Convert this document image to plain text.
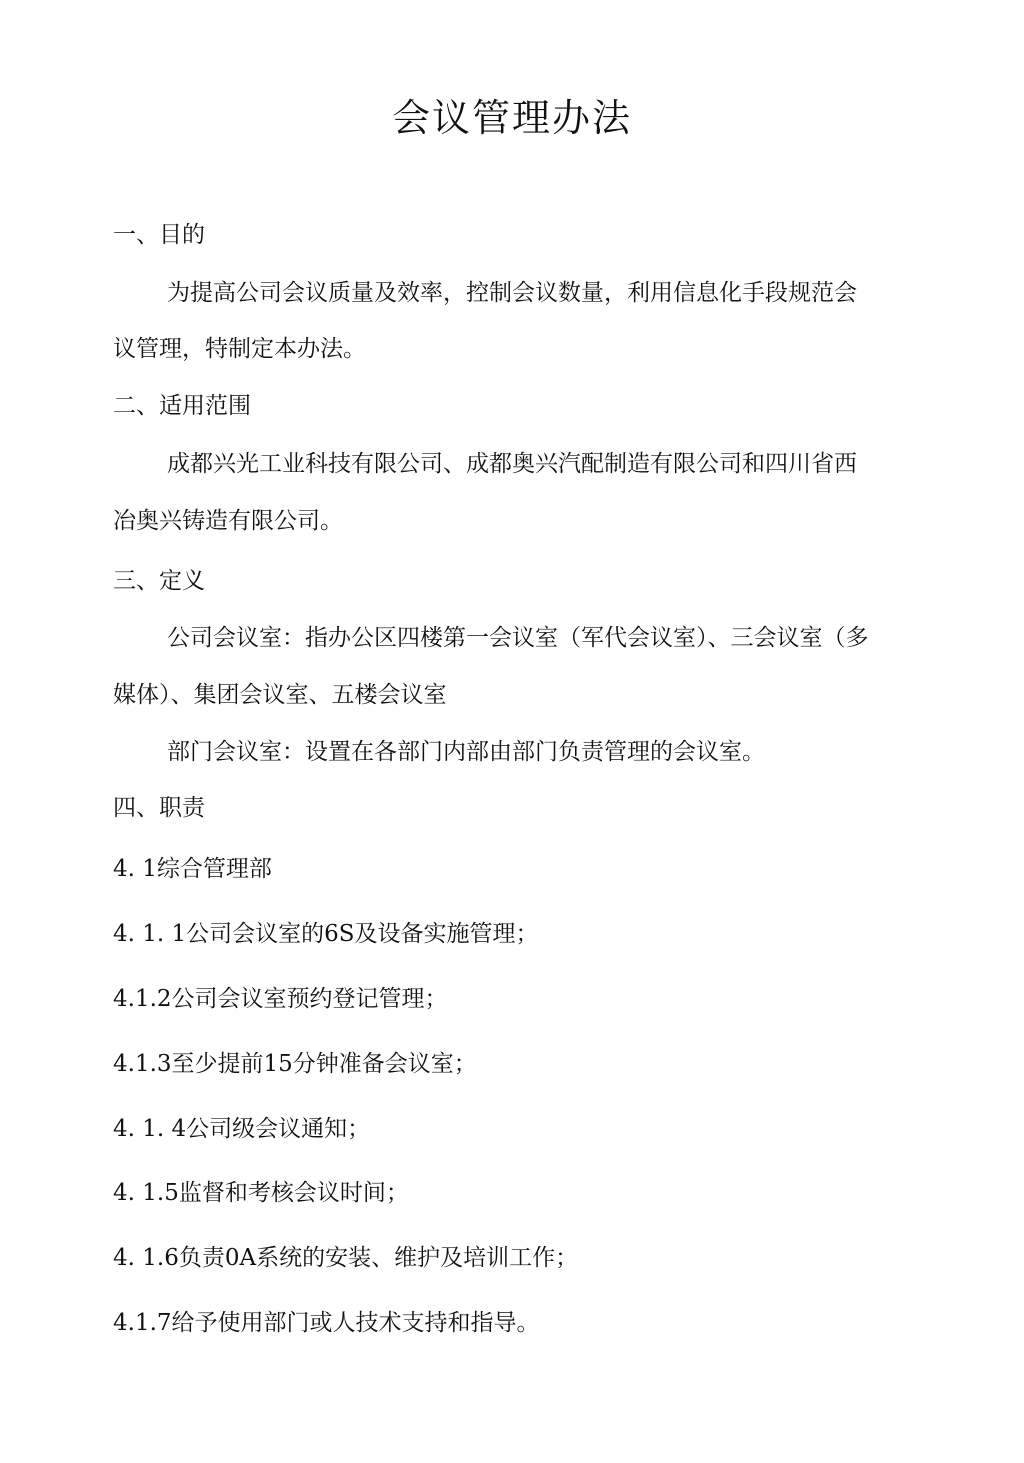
会议管理办法
一、目的
为提高公司会议质量及效率，控制会议数量，利用信息化手段规范会
议管理，特制定本办法。
二、适用范围
成都兴光工业科技有限公司、成都奥兴汽配制造有限公司和四川省西
冶奥兴铸造有限公司。
三、定义
公司会议室：指办公区四楼第一会议室（军代会议室）、三会议室（多
媒体）、集团会议室、五楼会议室
部门会议室：设置在各部门内部由部门负责管理的会议室。
四、职责
4. 1综合管理部
4. 1. 1公司会议室的6S及设备实施管理；
4.1.2公司会议室预约登记管理；
4.1.3至少提前15分钟准备会议室；
4. 1. 4公司级会议通知；
4. 1.5监督和考核会议时间；
4. 1.6负责0A系统的安装、维护及培训工作；
4.1.7给予使用部门或人技术支持和指导。
